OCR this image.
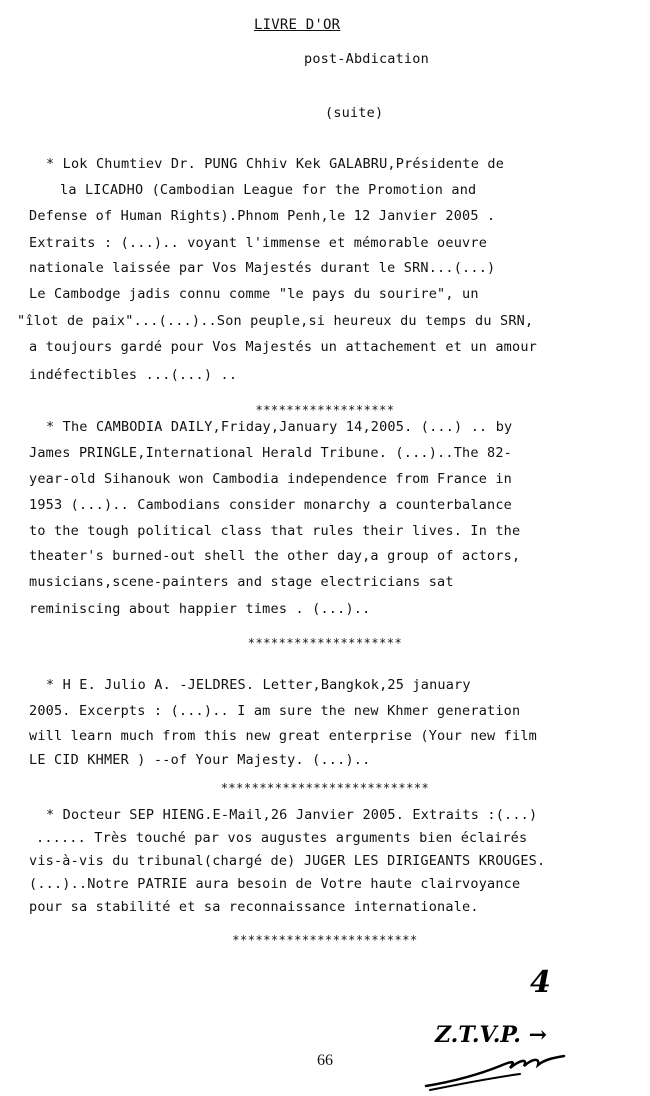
LIVRE D'OR
post-Abdication
(suite)
* Lok Chumtiev Dr. PUNG Chhiv Kek GALABRU,Présidente de
la LICADHO (Cambodian League for the Promotion and
Defense of Human Rights).Phnom Penh,le 12 Janvier 2005 .
Extraits : (...).. voyant l'immense et mémorable oeuvre
nationale laissée par Vos Majestés durant le SRN...(...)
Le Cambodge jadis connu comme "le pays du sourire", un
"îlot de paix"...(...)..Son peuple,si heureux du temps du SRN,
a toujours gardé pour Vos Majestés un attachement et un amour
indéfectibles ...(...) ..
******************
* The CAMBODIA DAILY,Friday,January 14,2005. (...) .. by
James PRINGLE,International Herald Tribune. (...)..The 82-
year-old Sihanouk won Cambodia independence from France in
1953 (...).. Cambodians consider monarchy a counterbalance
to the tough political class that rules their lives. In the
theater's burned-out shell the other day,a group of actors,
musicians,scene-painters and stage electricians sat
reminiscing about happier times . (...)..
********************
* H E. Julio A. -JELDRES. Letter,Bangkok,25 january
2005. Excerpts : (...).. I am sure the new Khmer generation
will learn much from this new great enterprise (Your new film
LE CID KHMER ) --of Your Majesty. (...)..
***************************
* Docteur SEP HIENG.E-Mail,26 Janvier 2005. Extraits :(...)
...... Très touché par vos augustes arguments bien éclairés
vis-à-vis du tribunal(chargé de) JUGER LES DIRIGEANTS KROUGES.
(...)..Notre PATRIE aura besoin de Votre haute clairvoyance
pour sa stabilité et sa reconnaissance internationale.
************************
4
Z.T.V.P. →
66
